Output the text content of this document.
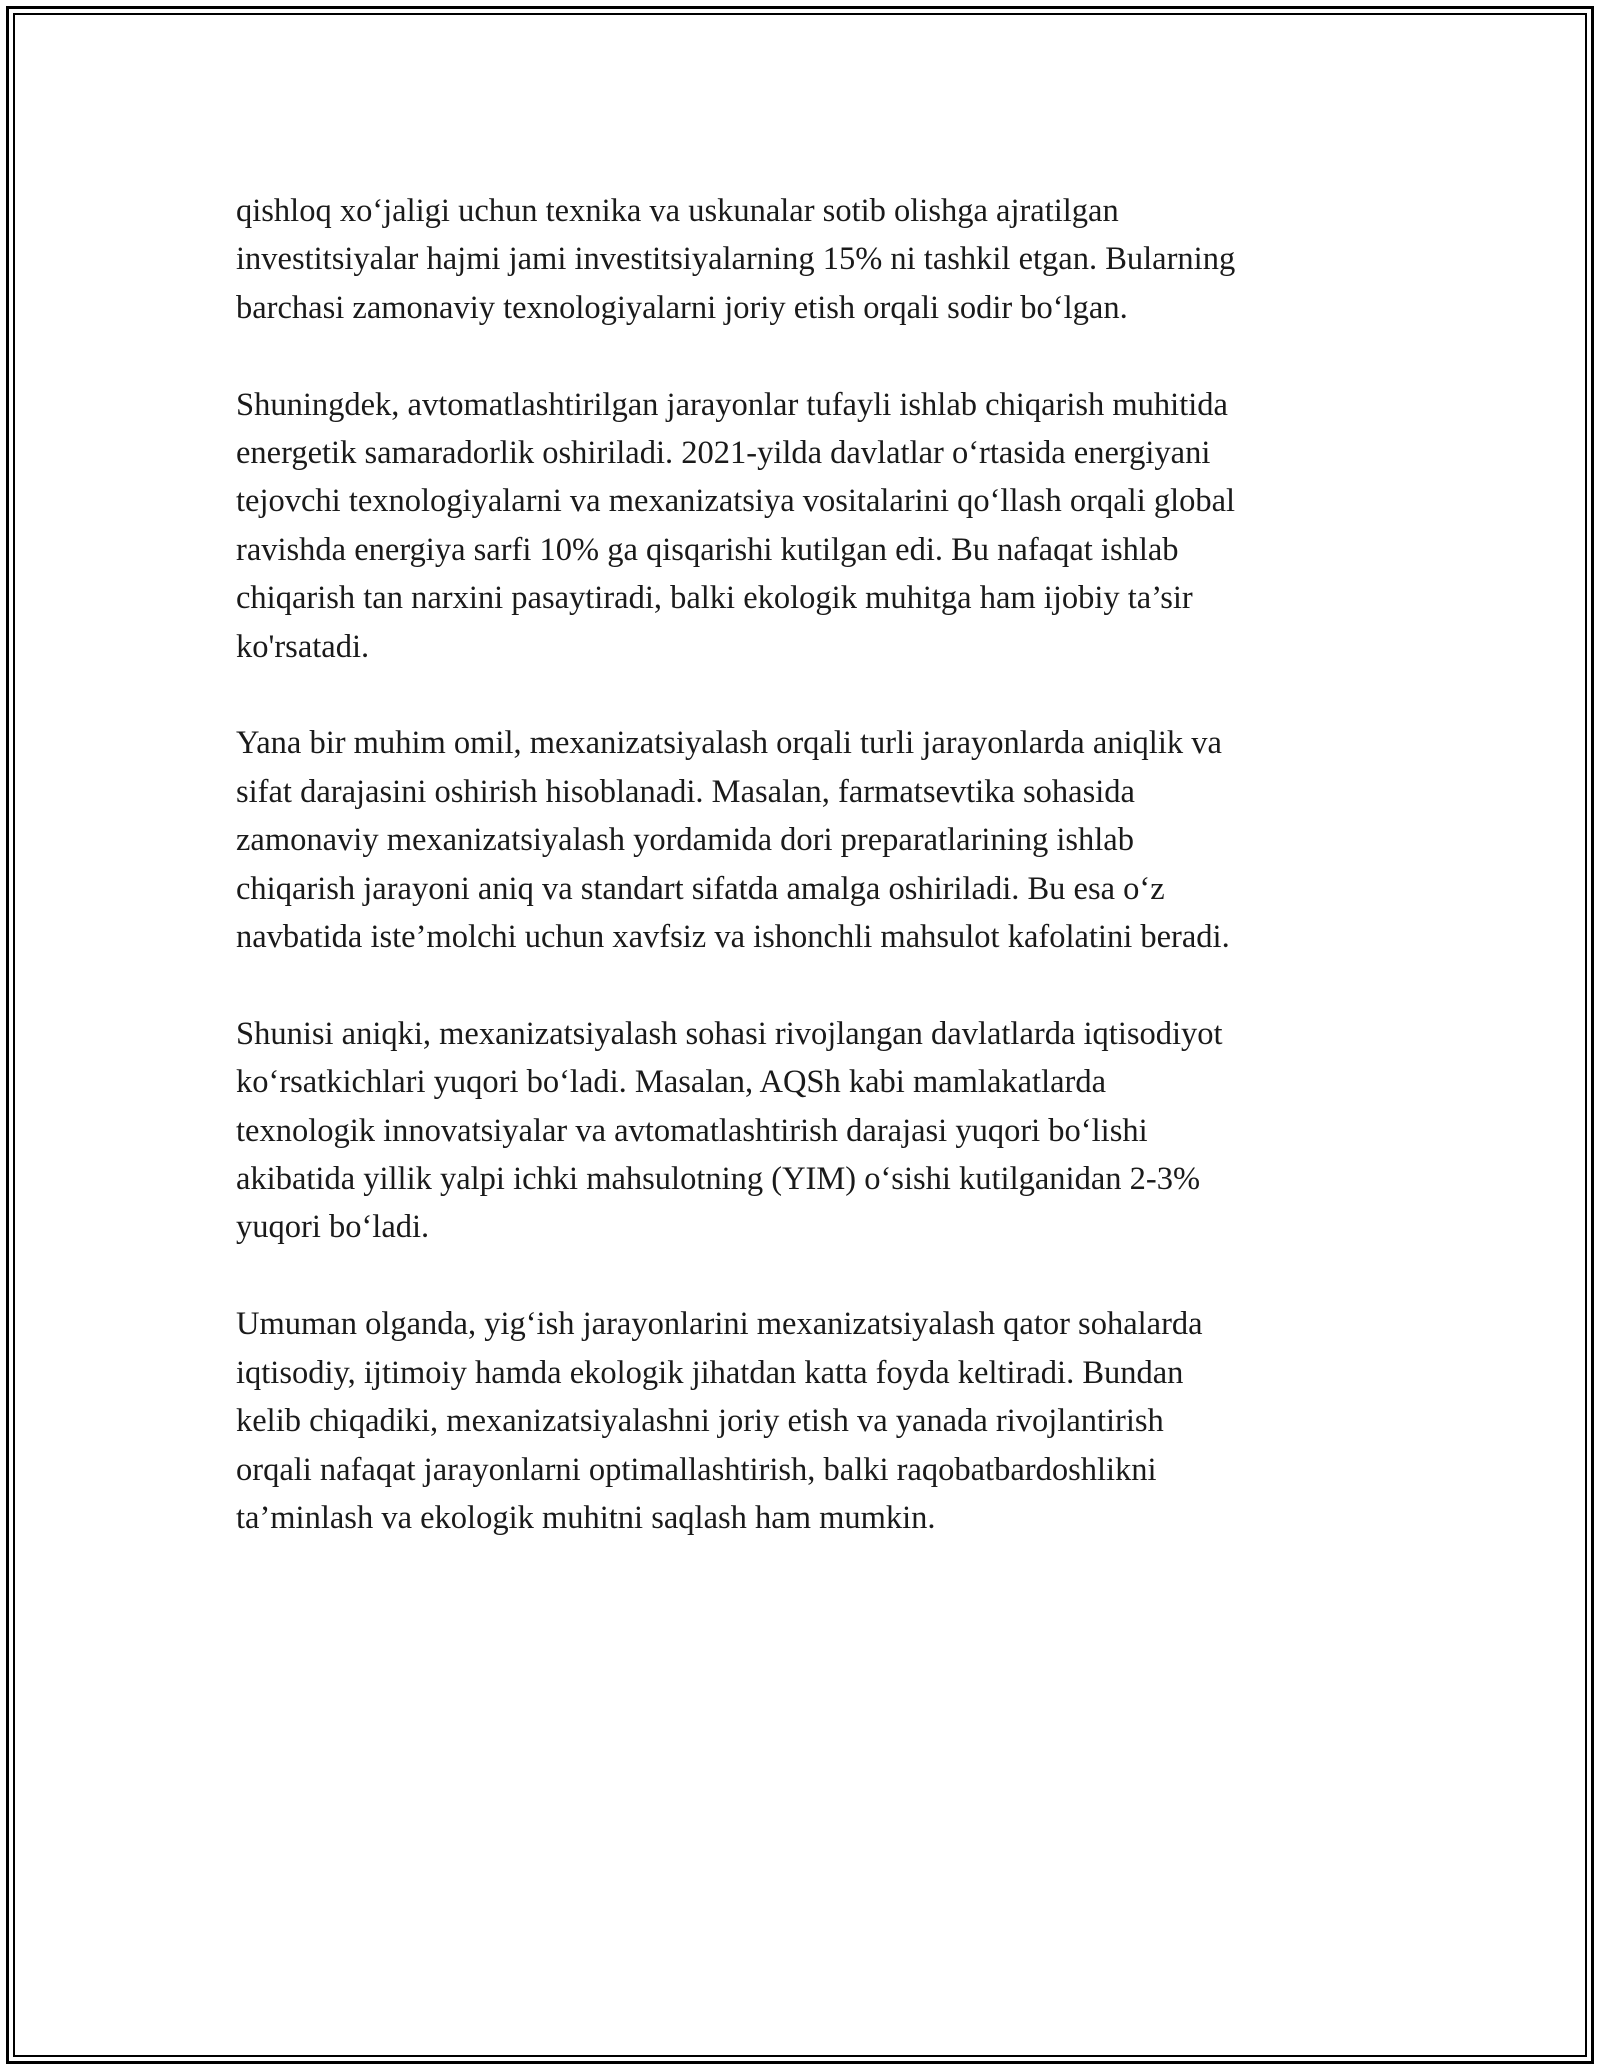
qishloq xo‘jaligi uchun texnika va uskunalar sotib olishga ajratilgan
investitsiyalar hajmi jami investitsiyalarning 15% ni tashkil etgan. Bularning
barchasi zamonaviy texnologiyalarni joriy etish orqali sodir bo‘lgan.

Shuningdek, avtomatlashtirilgan jarayonlar tufayli ishlab chiqarish muhitida
energetik samaradorlik oshiriladi. 2021-yilda davlatlar o‘rtasida energiyani
tejovchi texnologiyalarni va mexanizatsiya vositalarini qo‘llash orqali global
ravishda energiya sarfi 10% ga qisqarishi kutilgan edi. Bu nafaqat ishlab
chiqarish tan narxini pasaytiradi, balki ekologik muhitga ham ijobiy ta’sir
ko'rsatadi.

Yana bir muhim omil, mexanizatsiyalash orqali turli jarayonlarda aniqlik va
sifat darajasini oshirish hisoblanadi. Masalan, farmatsevtika sohasida
zamonaviy mexanizatsiyalash yordamida dori preparatlarining ishlab
chiqarish jarayoni aniq va standart sifatda amalga oshiriladi. Bu esa o‘z
navbatida iste’molchi uchun xavfsiz va ishonchli mahsulot kafolatini beradi.

Shunisi aniqki, mexanizatsiyalash sohasi rivojlangan davlatlarda iqtisodiyot
ko‘rsatkichlari yuqori bo‘ladi. Masalan, AQSh kabi mamlakatlarda
texnologik innovatsiyalar va avtomatlashtirish darajasi yuqori bo‘lishi
akibatida yillik yalpi ichki mahsulotning (YIM) o‘sishi kutilganidan 2-3%
yuqori bo‘ladi.

Umuman olganda, yig‘ish jarayonlarini mexanizatsiyalash qator sohalarda
iqtisodiy, ijtimoiy hamda ekologik jihatdan katta foyda keltiradi. Bundan
kelib chiqadiki, mexanizatsiyalashni joriy etish va yanada rivojlantirish
orqali nafaqat jarayonlarni optimallashtirish, balki raqobatbardoshlikni
ta’minlash va ekologik muhitni saqlash ham mumkin.
